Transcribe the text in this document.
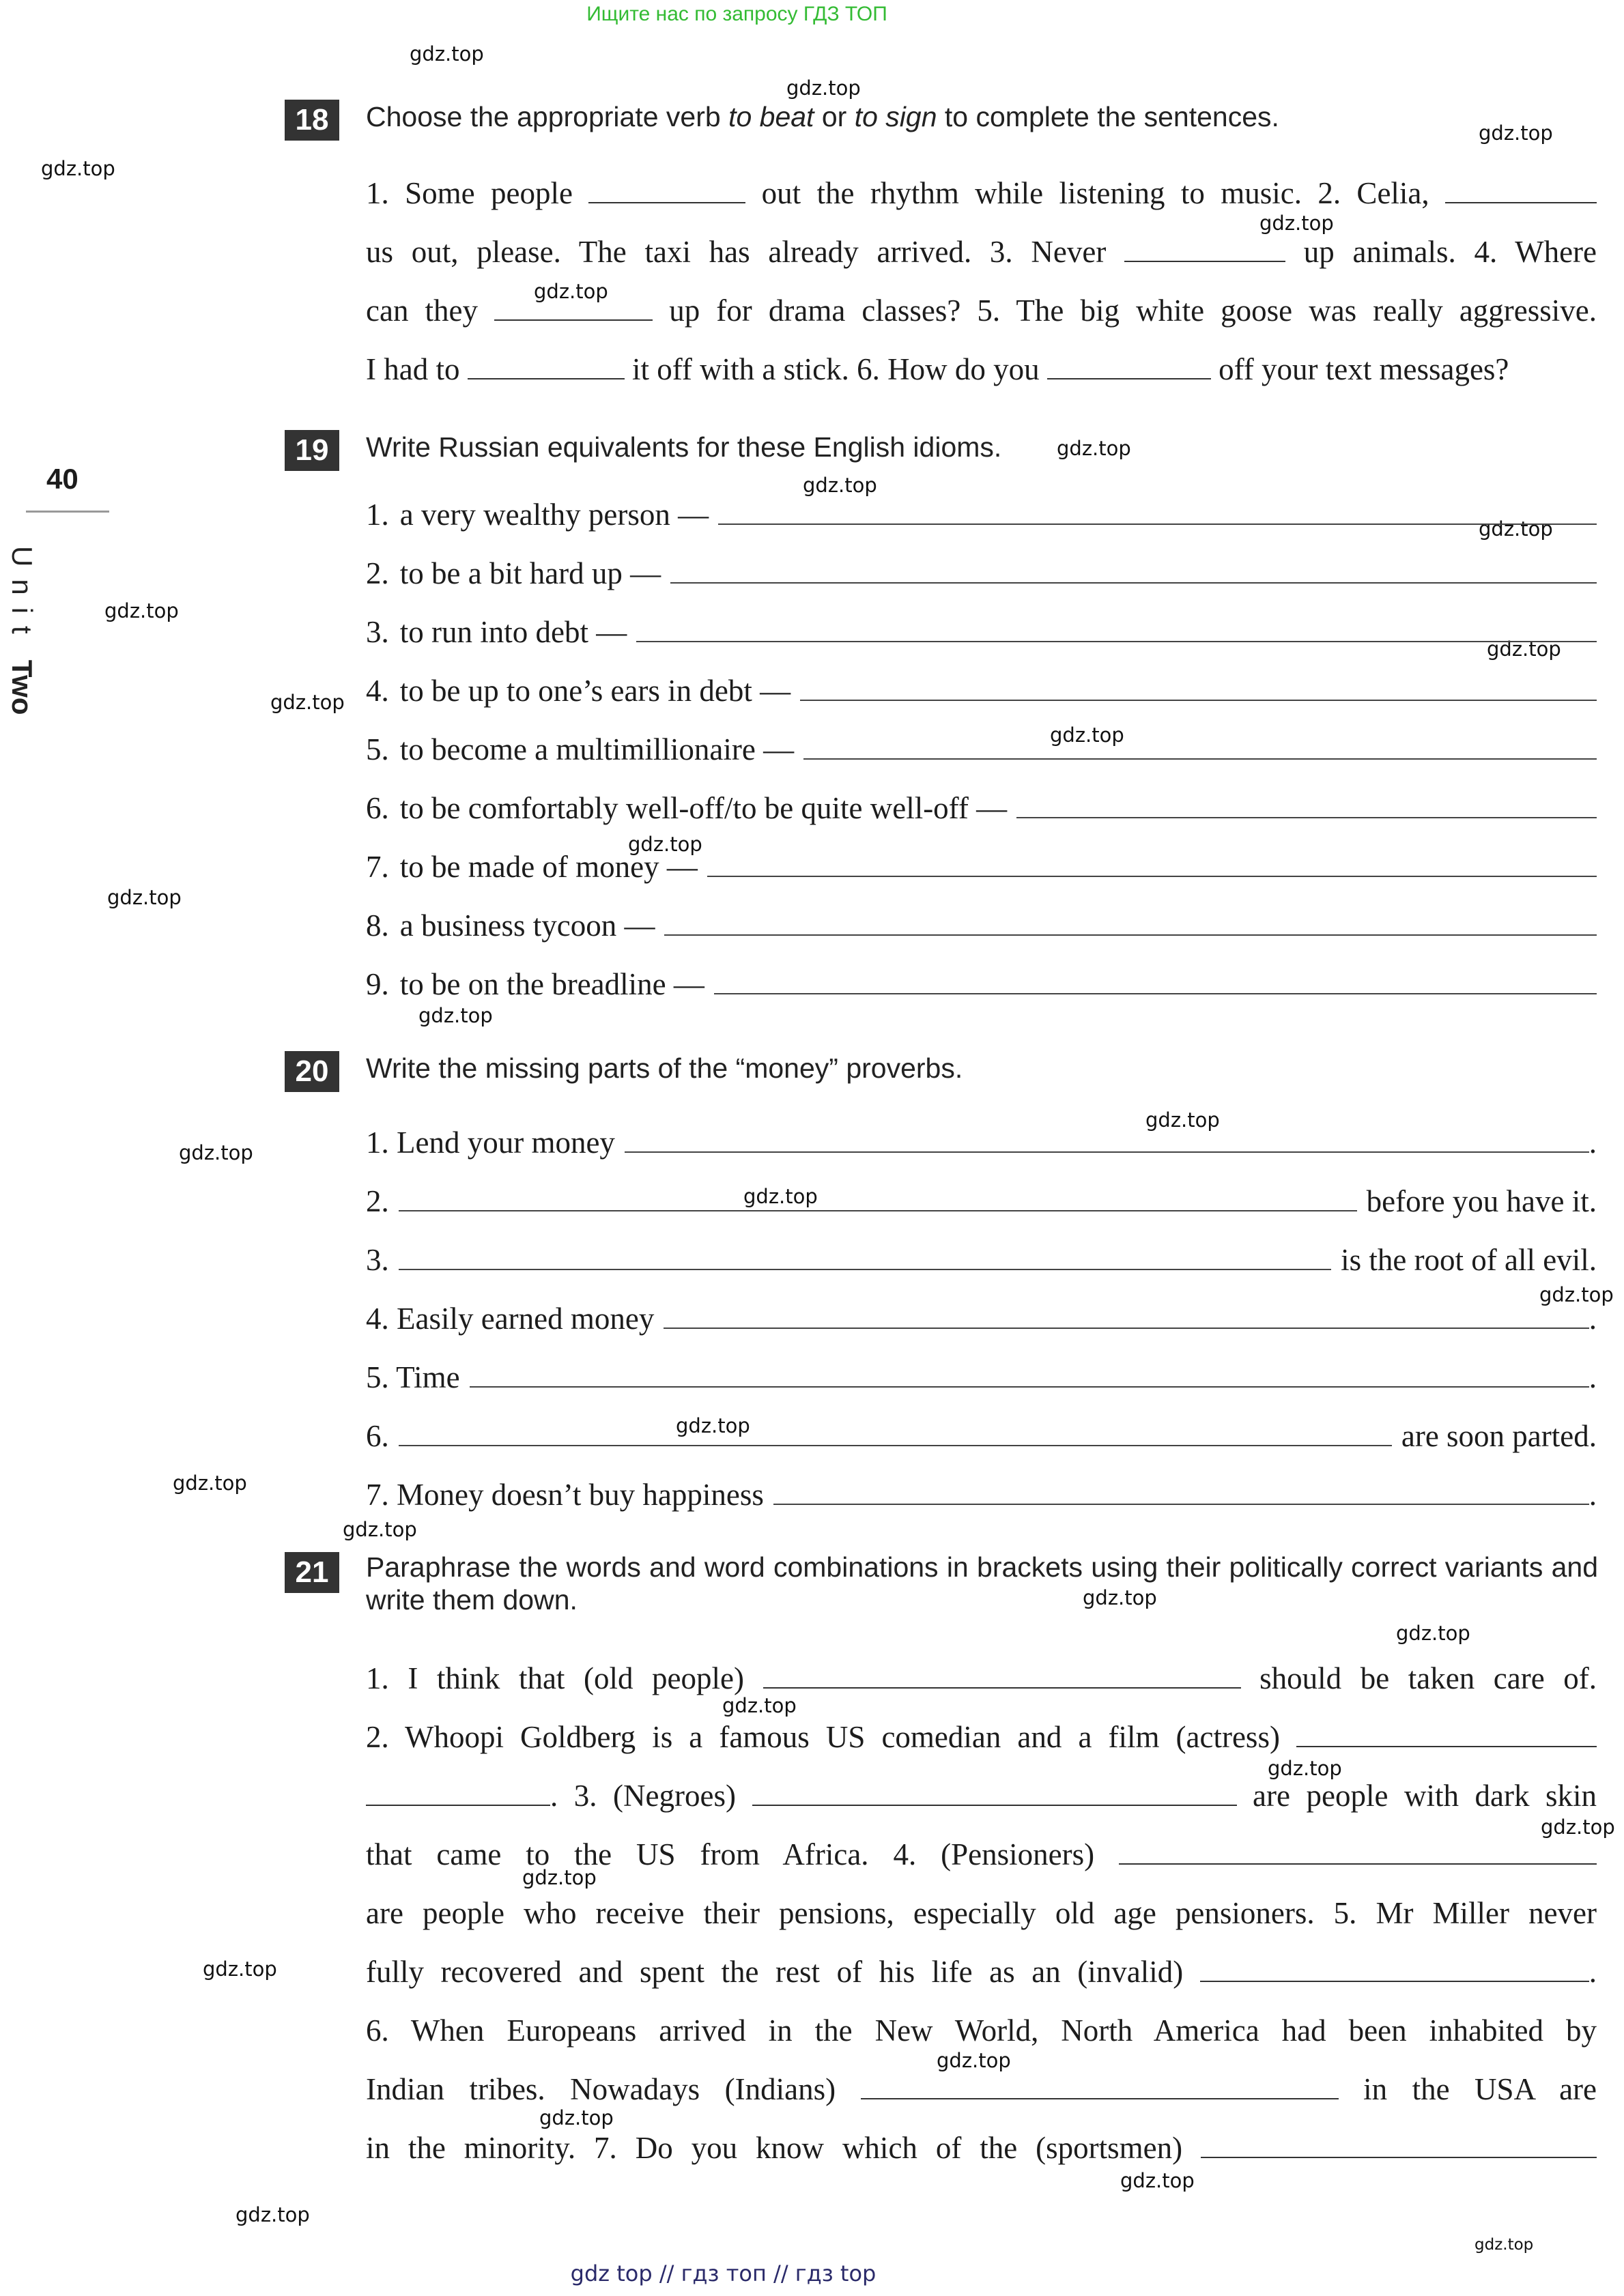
Ищите нас по запросу ГДЗ ТОП
gdz.top
gdz.top
gdz.top
gdz.top
gdz.top
gdz.top
gdz.top
gdz.top
gdz.top
gdz.top
gdz.top
gdz.top
gdz.top
gdz.top
gdz.top
gdz.top
gdz.top
gdz.top
gdz.top
gdz.top
gdz.top
gdz.top
gdz.top
gdz.top
gdz.top
gdz.top
gdz.top
gdz.top
gdz.top
gdz.top
gdz.top
gdz.top
gdz.top
gdz.top
gdz.top
40
UnitTwo
18	Choose the appropriate verb to beat or to sign to complete the sentences.
1. Some people	out the rhythm while listening to music. 2. Celia,
us out, please. The taxi has already arrived. 3. Never	up animals. 4. Where
can they	up for drama classes? 5. The big white goose was really aggressive.
I had to	it off with a stick. 6. How do you	off your text messages?
19	Write Russian equivalents for these English idioms.
1. a very wealthy person —
2. to be a bit hard up —
3. to run into debt —
4. to be up to one’s ears in debt —
5. to become a multimillionaire —
6. to be comfortably well-off/to be quite well-off —
7. to be made of money —
8. a business tycoon —
9. to be on the breadline —
20	Write the missing parts of the “money” proverbs.
1. Lend your money	.
2.	before you have it.
3.	is the root of all evil.
4. Easily earned money	.
5. Time	.
6.	are soon parted.
7. Money doesn’t buy happiness	.
21	Paraphrase the words and word combinations in brackets using their politically correct variants and write them down.
1. I think that (old people)	should be taken care of.
2. Whoopi Goldberg is a famous US comedian and a film (actress)
. 3. (Negroes)	are people with dark skin
that came to the US from Africa. 4. (Pensioners)
are people who receive their pensions, especially old age pensioners. 5. Mr Miller never
fully recovered and spent the rest of his life as an (invalid)	.
6. When Europeans arrived in the New World, North America had been inhabited by
Indian tribes. Nowadays (Indians)	in the USA are
in the minority. 7. Do you know which of the (sportsmen)
gdz top // гдз топ // гдз top
